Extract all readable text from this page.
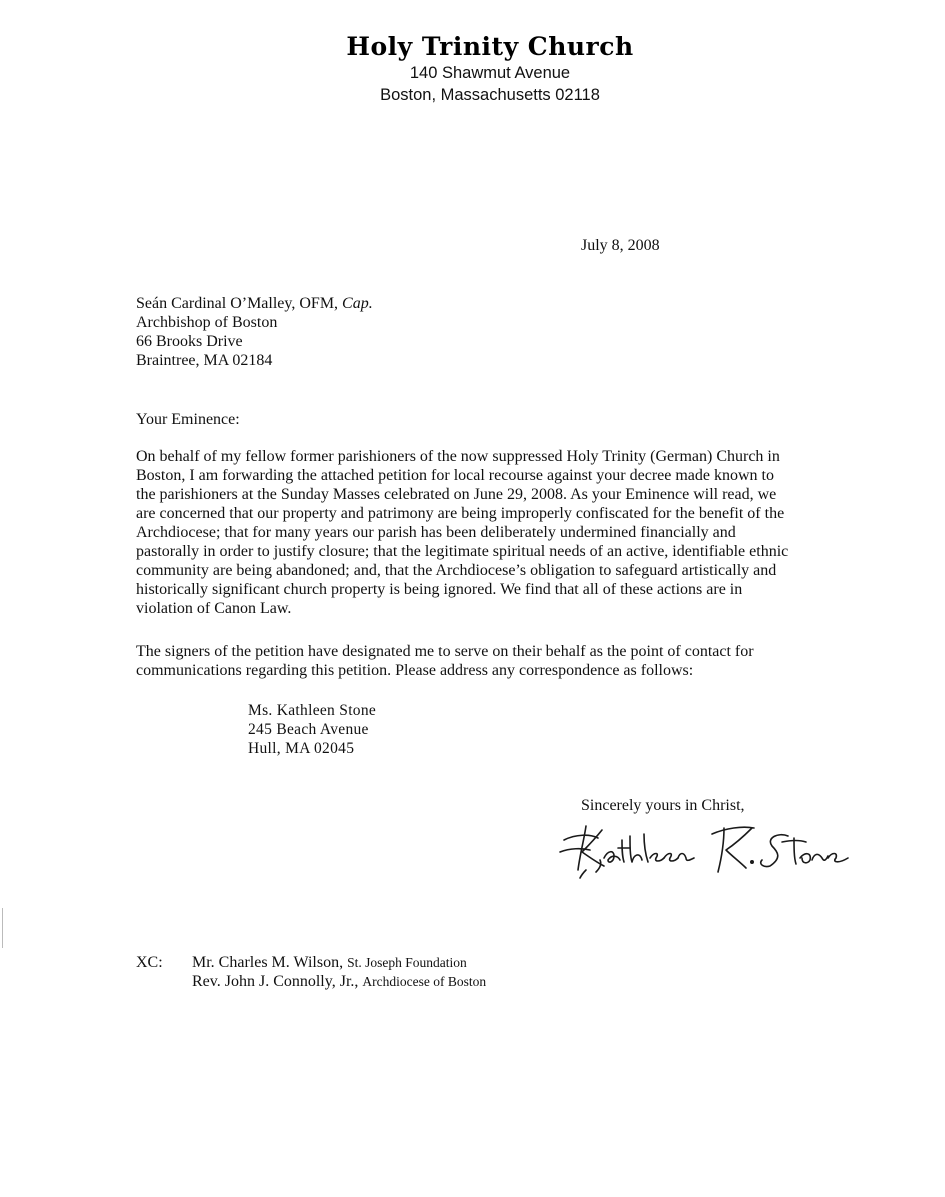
Holy Trinity Church
140 Shawmut Avenue
Boston, Massachusetts 02118
July 8, 2008
Seán Cardinal O’Malley, OFM, Cap.
Archbishop of Boston
66 Brooks Drive
Braintree, MA 02184
Your Eminence:

On behalf of my fellow former parishioners of the now suppressed Holy Trinity (German) Church in

Boston, I am forwarding the attached petition for local recourse against your decree made known to

the parishioners at the Sunday Masses celebrated on June 29, 2008. As your Eminence will read, we

are concerned that our property and patrimony are being improperly confiscated for the benefit of the

Archdiocese; that for many years our parish has been deliberately undermined financially and

pastorally in order to justify closure; that the legitimate spiritual needs of an active, identifiable ethnic

community are being abandoned; and, that the Archdiocese’s obligation to safeguard artistically and

historically significant church property is being ignored. We find that all of these actions are in

violation of Canon Law.

The signers of the petition have designated me to serve on their behalf as the point of contact for

communications regarding this petition. Please address any correspondence as follows:

Ms. Kathleen Stone
245 Beach Avenue
Hull, MA 02045
Sincerely yours in Christ,
XC: Mr. Charles M. Wilson, St. Joseph Foundation
Rev. John J. Connolly, Jr., Archdiocese of Boston
